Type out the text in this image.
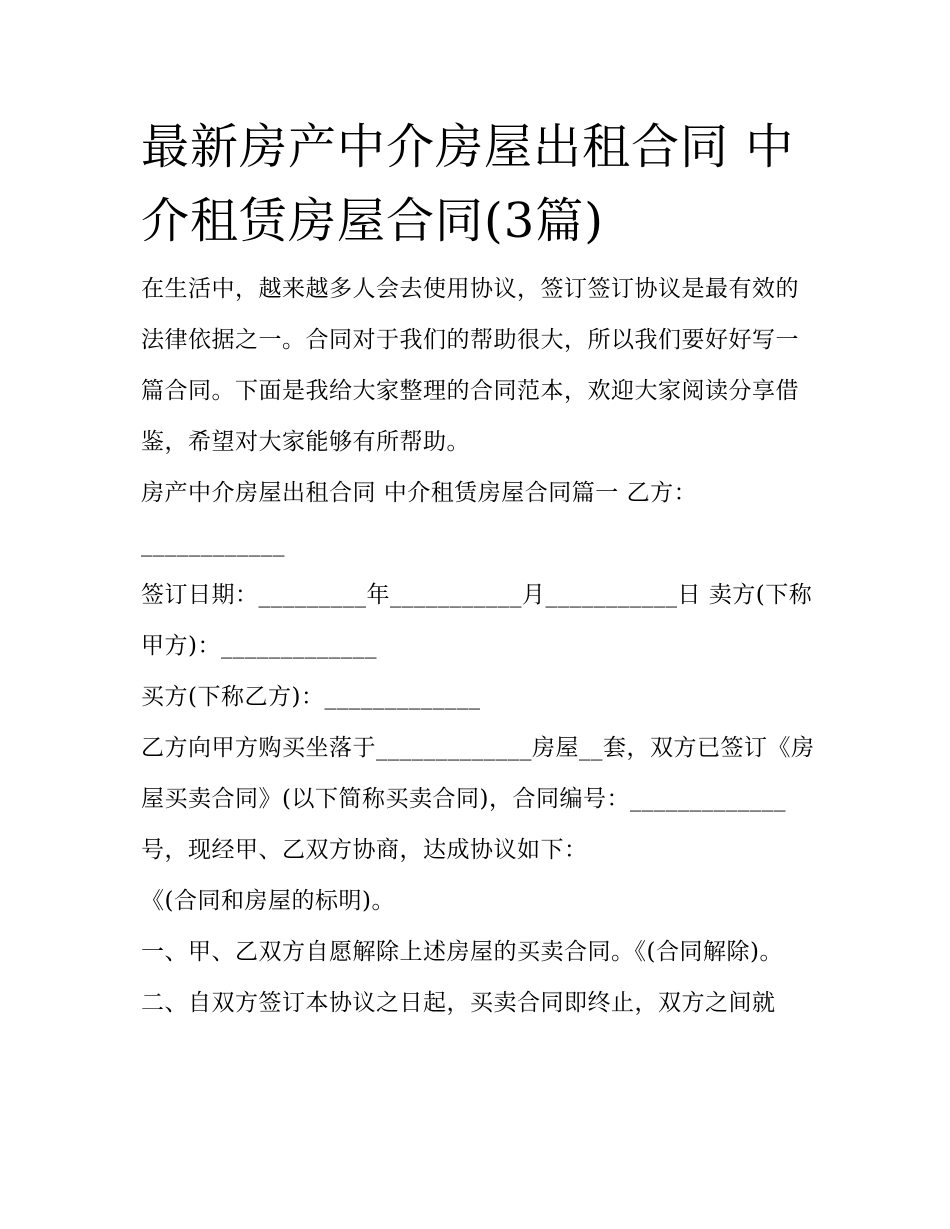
最新房产中介房屋出租合同 中介租赁房屋合同(3篇)

在生活中，越来越多人会去使用协议，签订签订协议是最有效的法律依据之一。合同对于我们的帮助很大，所以我们要好好写一篇合同。下面是我给大家整理的合同范本，欢迎大家阅读分享借鉴，希望对大家能够有所帮助。

房产中介房屋出租合同 中介租赁房屋合同篇一 乙方：____________

签订日期：_________年___________月___________日 卖方(下称甲方)：_____________

买方(下称乙方)：_____________

乙方向甲方购买坐落于_____________房屋__套，双方已签订《房屋买卖合同》(以下简称买卖合同)，合同编号：_____________号，现经甲、乙双方协商，达成协议如下：

《(合同和房屋的标明)。

一、甲、乙双方自愿解除上述房屋的买卖合同。《(合同解除)。

二、自双方签订本协议之日起，买卖合同即终止，双方之间就
